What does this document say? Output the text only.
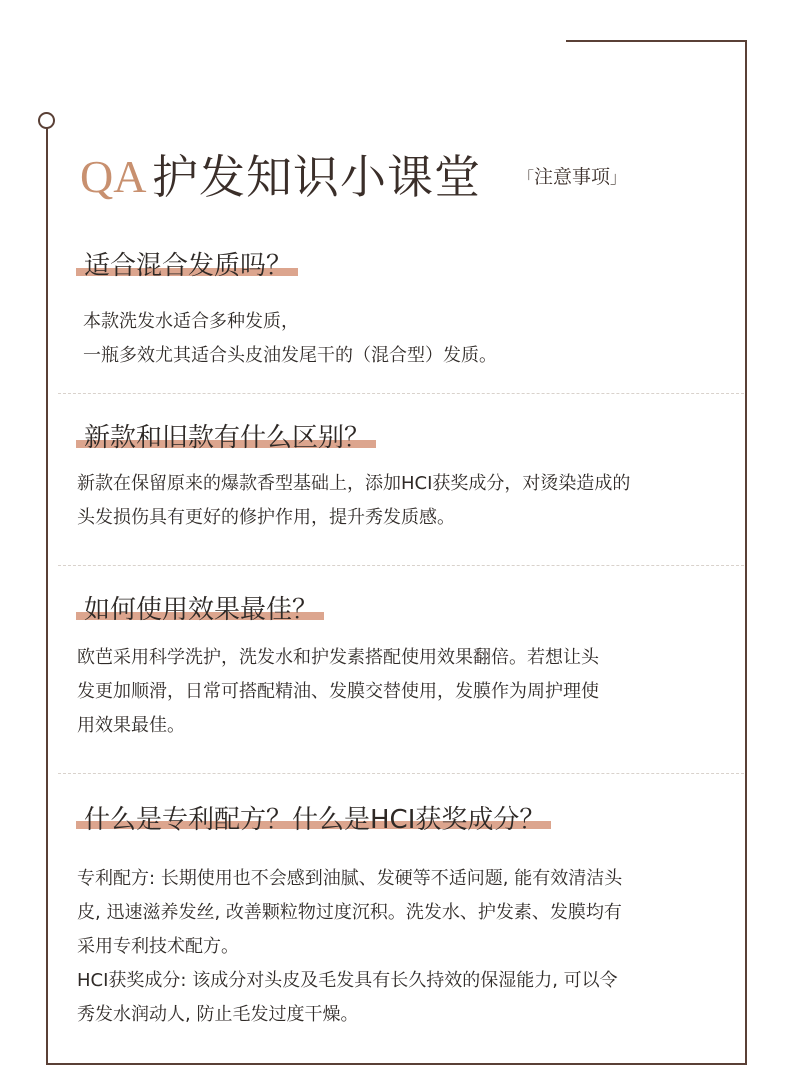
QA 护发知识小课堂 「注意事项」
适合混合发质吗？

本款洗发水适合多种发质，

一瓶多效尤其适合头皮油发尾干的（混合型）发质。

新款和旧款有什么区别？

新款在保留原来的爆款香型基础上，添加HCI获奖成分，对烫染造成的

头发损伤具有更好的修护作用，提升秀发质感。

如何使用效果最佳？

欧芭采用科学洗护，洗发水和护发素搭配使用效果翻倍。若想让头

发更加顺滑，日常可搭配精油、发膜交替使用，发膜作为周护理使

用效果最佳。

什么是专利配方？什么是HCI获奖成分？

专利配方: 长期使用也不会感到油腻、发硬等不适问题, 能有效清洁头

皮, 迅速滋养发丝, 改善颗粒物过度沉积。洗发水、护发素、发膜均有

采用专利技术配方。

HCI获奖成分: 该成分对头皮及毛发具有长久持效的保湿能力, 可以令

秀发水润动人, 防止毛发过度干燥。
